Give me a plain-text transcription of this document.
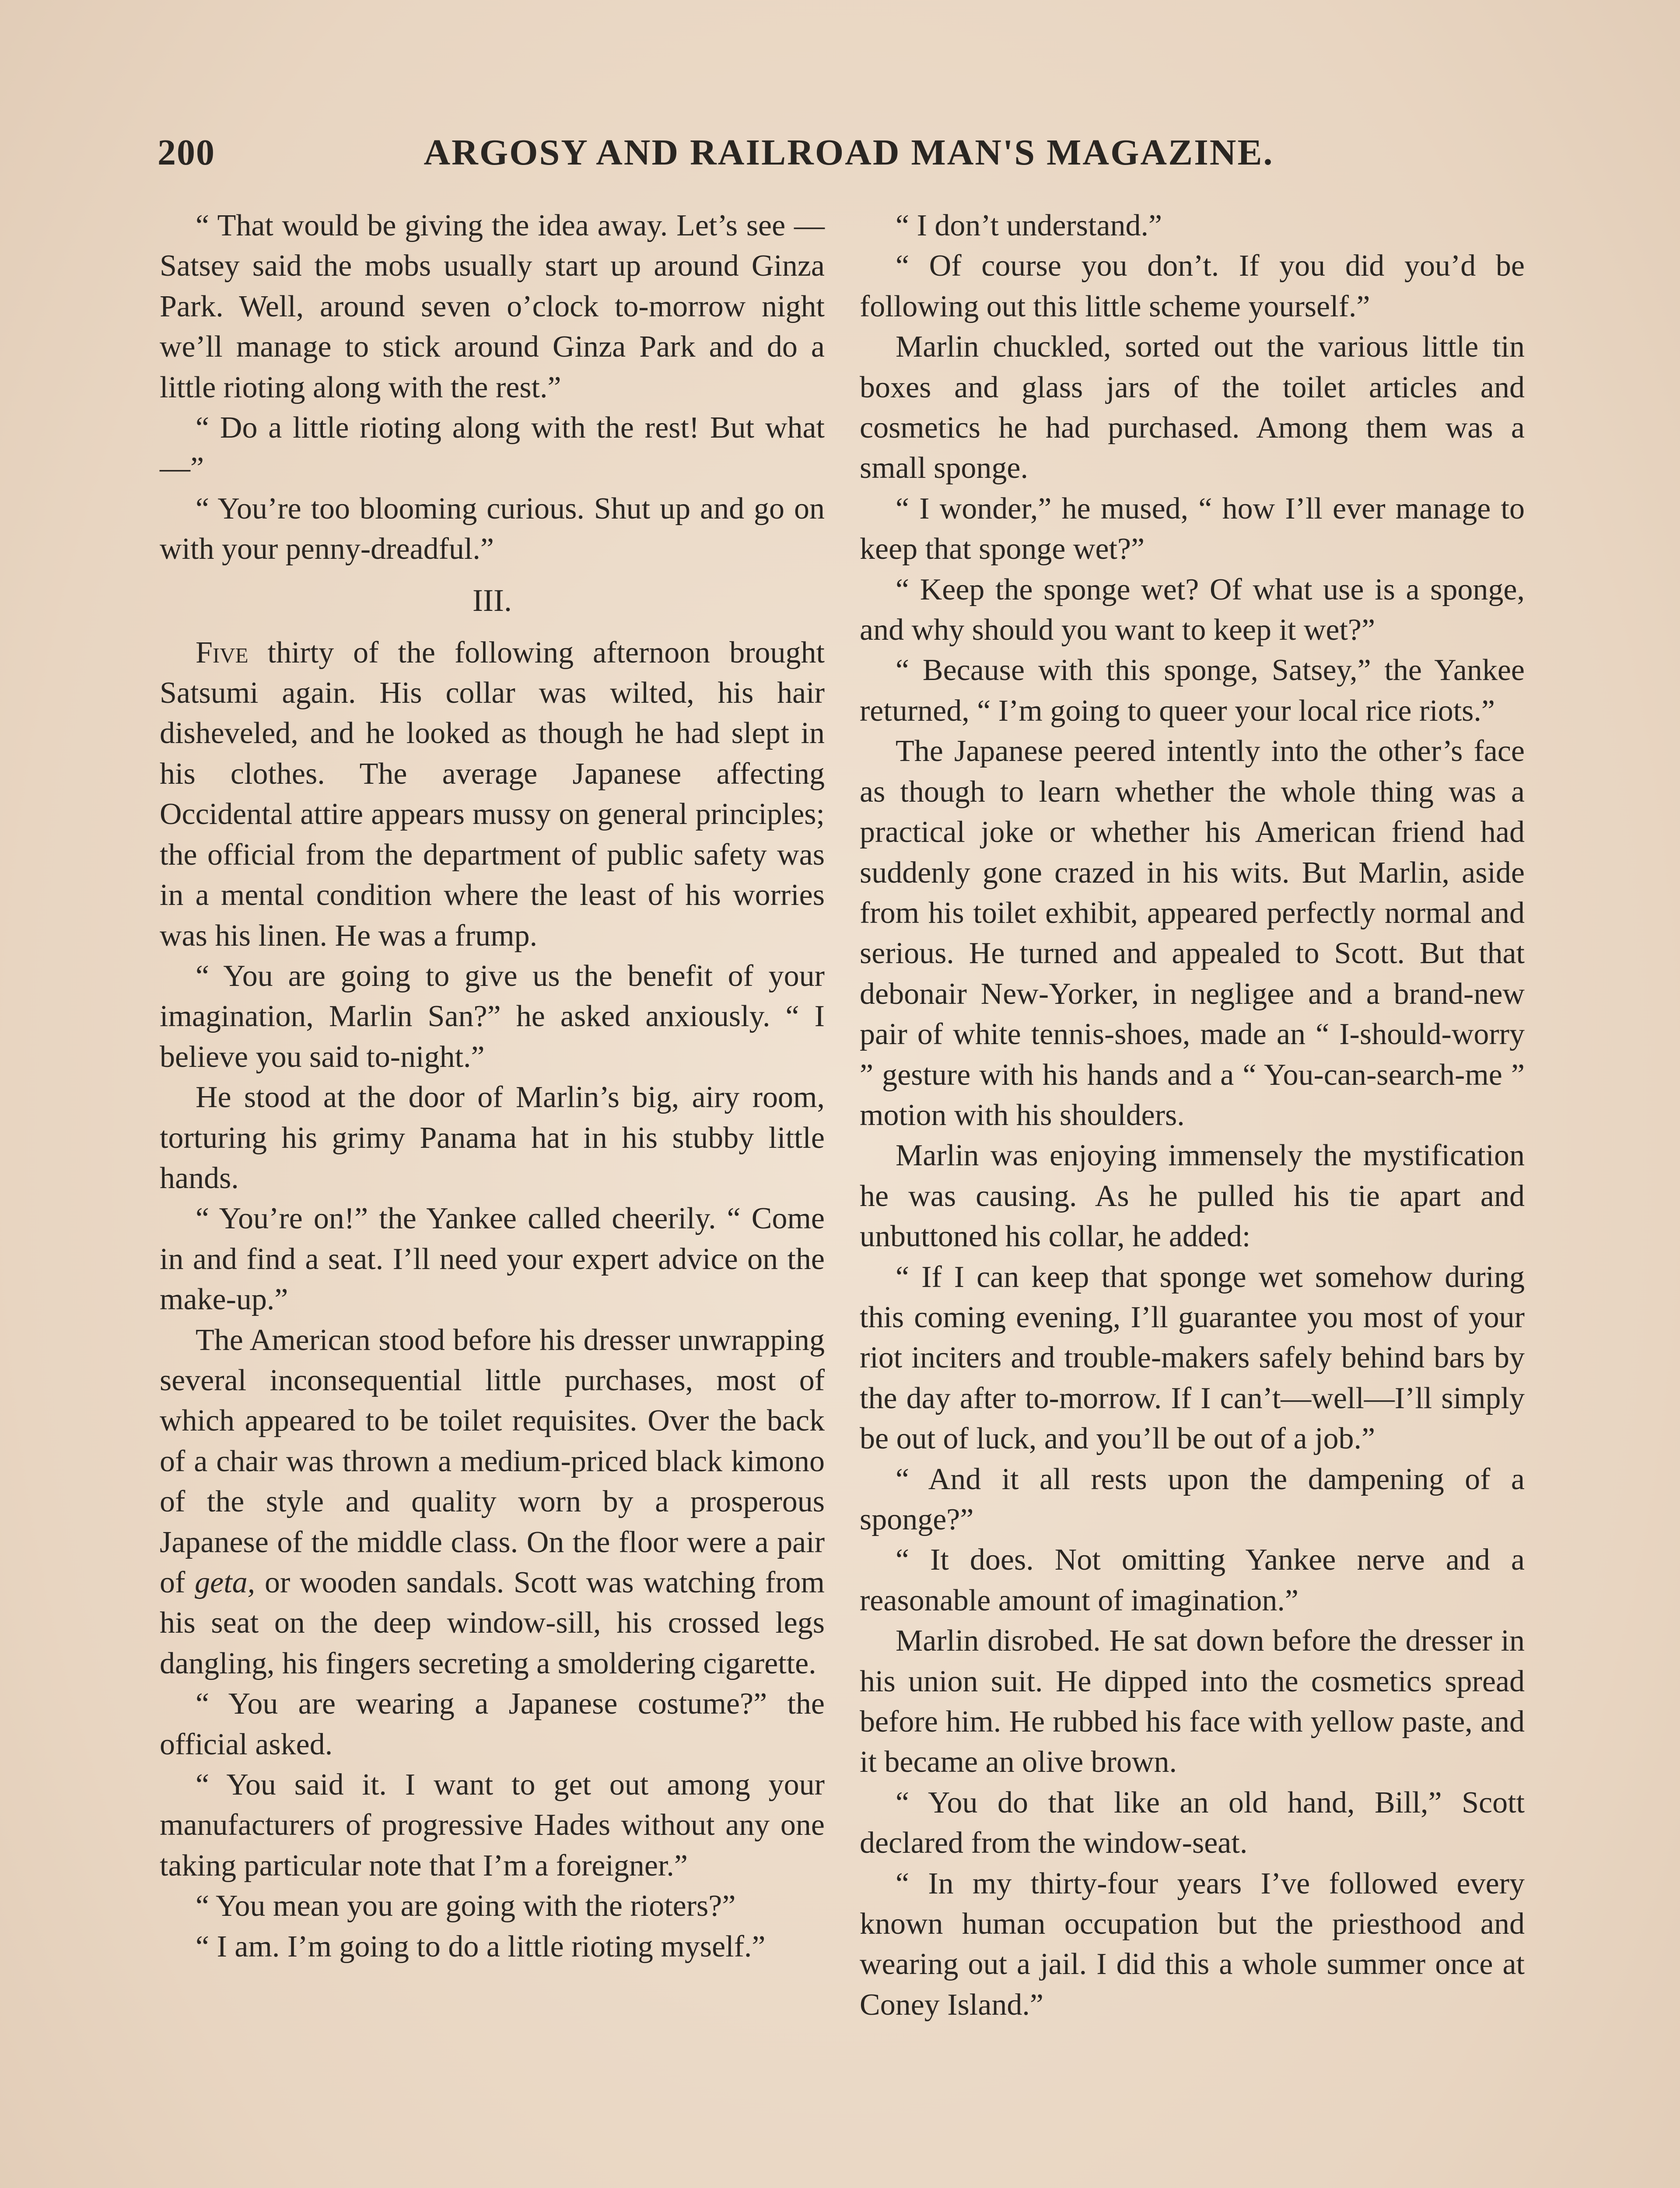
200	ARGOSY AND RAILROAD MAN'S MAGAZINE.

“ That would be giving the idea away. Let’s see — Satsey said the mobs usually start up around Ginza Park. Well, around seven o’clock to-morrow night we’ll manage to stick around Ginza Park and do a little rioting along with the rest.”

“ Do a little rioting along with the rest! But what—”

“ You’re too blooming curious. Shut up and go on with your penny-dreadful.”

III.

Five thirty of the following afternoon brought Satsumi again. His collar was wilted, his hair disheveled, and he looked as though he had slept in his clothes. The average Japanese affecting Occidental attire appears mussy on general principles; the official from the department of public safety was in a mental condition where the least of his worries was his linen. He was a frump.

“ You are going to give us the benefit of your imagination, Marlin San?” he asked anxiously. “ I believe you said to-night.”

He stood at the door of Marlin’s big, airy room, torturing his grimy Panama hat in his stubby little hands.

“ You’re on!” the Yankee called cheerily. “ Come in and find a seat. I’ll need your expert advice on the make-up.”

The American stood before his dresser unwrapping several inconsequential little purchases, most of which appeared to be toilet requisites. Over the back of a chair was thrown a medium-priced black kimono of the style and quality worn by a prosperous Japanese of the middle class. On the floor were a pair of geta, or wooden sandals. Scott was watching from his seat on the deep window-sill, his crossed legs dangling, his fingers secreting a smoldering cigarette.

“ You are wearing a Japanese costume?” the official asked.

“ You said it. I want to get out among your manufacturers of progressive Hades without any one taking particular note that I’m a foreigner.”

“ You mean you are going with the rioters?”

“ I am. I’m going to do a little rioting myself.”

“ I don’t understand.”

“ Of course you don’t. If you did you’d be following out this little scheme yourself.”

Marlin chuckled, sorted out the various little tin boxes and glass jars of the toilet articles and cosmetics he had purchased. Among them was a small sponge.

“ I wonder,” he mused, “ how I’ll ever manage to keep that sponge wet?”

“ Keep the sponge wet? Of what use is a sponge, and why should you want to keep it wet?”

“ Because with this sponge, Satsey,” the Yankee returned, “ I’m going to queer your local rice riots.”

The Japanese peered intently into the other’s face as though to learn whether the whole thing was a practical joke or whether his American friend had suddenly gone crazed in his wits. But Marlin, aside from his toilet exhibit, appeared perfectly normal and serious. He turned and appealed to Scott. But that debonair New-Yorker, in negligee and a brand-new pair of white tennis-shoes, made an “ I-should-worry ” gesture with his hands and a “ You-can-search-me ” motion with his shoulders.

Marlin was enjoying immensely the mystification he was causing. As he pulled his tie apart and unbuttoned his collar, he added:

“ If I can keep that sponge wet somehow during this coming evening, I’ll guarantee you most of your riot inciters and trouble-makers safely behind bars by the day after to-morrow. If I can’t—well—I’ll simply be out of luck, and you’ll be out of a job.”

“ And it all rests upon the dampening of a sponge?”

“ It does. Not omitting Yankee nerve and a reasonable amount of imagination.”

Marlin disrobed. He sat down before the dresser in his union suit. He dipped into the cosmetics spread before him. He rubbed his face with yellow paste, and it became an olive brown.

“ You do that like an old hand, Bill,” Scott declared from the window-seat.

“ In my thirty-four years I’ve followed every known human occupation but the priesthood and wearing out a jail. I did this a whole summer once at Coney Island.”
